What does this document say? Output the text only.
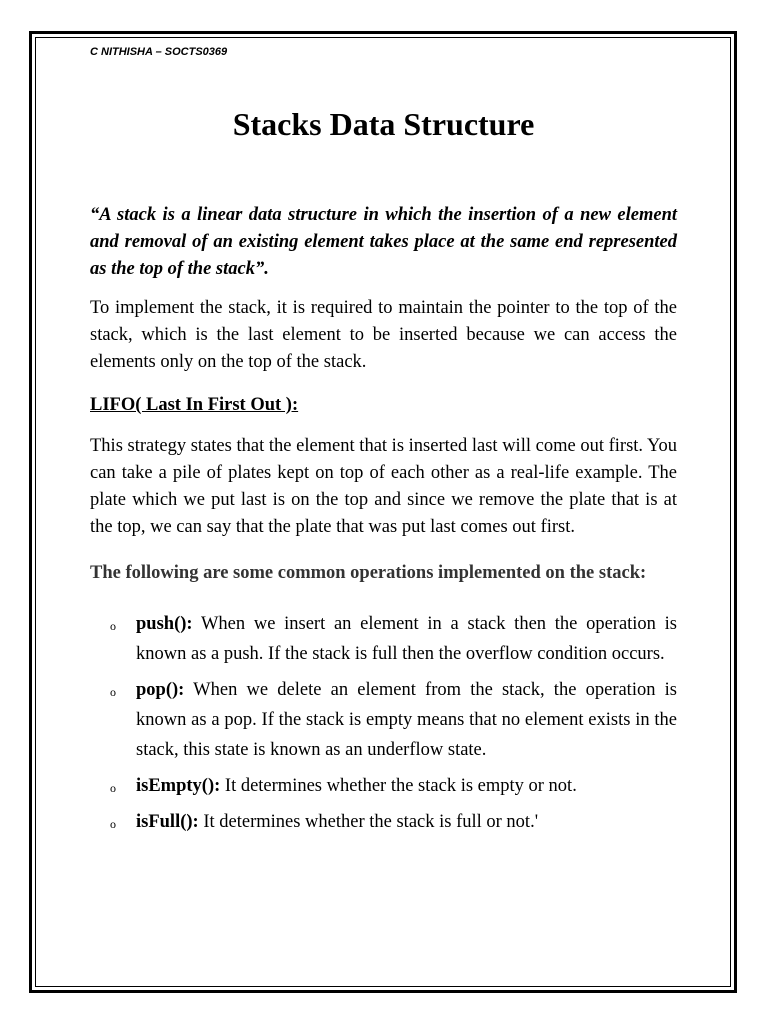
C NITHISHA – SOCTS0369

Stacks Data Structure

“A stack is a linear data structure in which the insertion of a new element and removal of an existing element takes place at the same end represented as the top of the stack”.

To implement the stack, it is required to maintain the pointer to the top of the stack, which is the last element to be inserted because we can access the elements only on the top of the stack.

LIFO( Last In First Out ):

This strategy states that the element that is inserted last will come out first. You can take a pile of plates kept on top of each other as a real-life example. The plate which we put last is on the top and since we remove the plate that is at the top, we can say that the plate that was put last comes out first.

The following are some common operations implemented on the stack:

o push(): When we insert an element in a stack then the operation is known as a push. If the stack is full then the overflow condition occurs.
o pop(): When we delete an element from the stack, the operation is known as a pop. If the stack is empty means that no element exists in the stack, this state is known as an underflow state.
o isEmpty(): It determines whether the stack is empty or not.
o isFull(): It determines whether the stack is full or not.'
